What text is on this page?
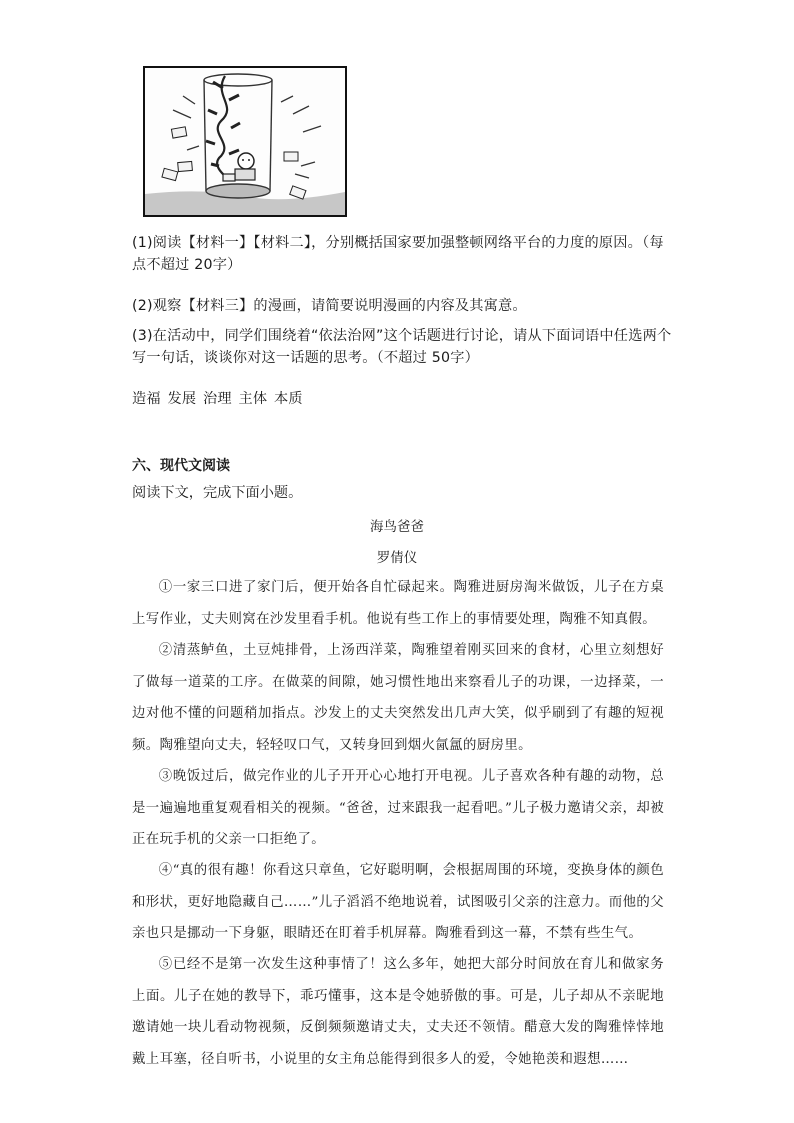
(1)阅读【材料一】【材料二】，分别概括国家要加强整顿网络平台的力度的原因。（每点不超过 20字）
(2)观察【材料三】的漫画，请简要说明漫画的内容及其寓意。
(3)在活动中，同学们围绕着“依法治网”这个话题进行讨论，请从下面词语中任选两个写一句话，谈谈你对这一话题的思考。（不超过 50字）
造福 发展 治理 主体 本质
六、现代文阅读
阅读下文，完成下面小题。
海鸟爸爸
罗倩仪
①一家三口进了家门后，便开始各自忙碌起来。陶雅进厨房淘米做饭，儿子在方桌上写作业，丈夫则窝在沙发里看手机。他说有些工作上的事情要处理，陶雅不知真假。
②清蒸鲈鱼，土豆炖排骨，上汤西洋菜，陶雅望着刚买回来的食材，心里立刻想好了做每一道菜的工序。在做菜的间隙，她习惯性地出来察看儿子的功课，一边择菜，一边对他不懂的问题稍加指点。沙发上的丈夫突然发出几声大笑，似乎刷到了有趣的短视频。陶雅望向丈夫，轻轻叹口气，又转身回到烟火氤氲的厨房里。
③晚饭过后，做完作业的儿子开开心心地打开电视。儿子喜欢各种有趣的动物，总是一遍遍地重复观看相关的视频。“爸爸，过来跟我一起看吧。”儿子极力邀请父亲，却被正在玩手机的父亲一口拒绝了。
④“真的很有趣！你看这只章鱼，它好聪明啊，会根据周围的环境，变换身体的颜色和形状，更好地隐藏自己……”儿子滔滔不绝地说着，试图吸引父亲的注意力。而他的父亲也只是挪动一下身躯，眼睛还在盯着手机屏幕。陶雅看到这一幕，不禁有些生气。
⑤已经不是第一次发生这种事情了！这么多年，她把大部分时间放在育儿和做家务上面。儿子在她的教导下，乖巧懂事，这本是令她骄傲的事。可是，儿子却从不亲昵地邀请她一块儿看动物视频，反倒频频邀请丈夫，丈夫还不领情。醋意大发的陶雅悻悻地戴上耳塞，径自听书，小说里的女主角总能得到很多人的爱，令她艳羡和遐想……
